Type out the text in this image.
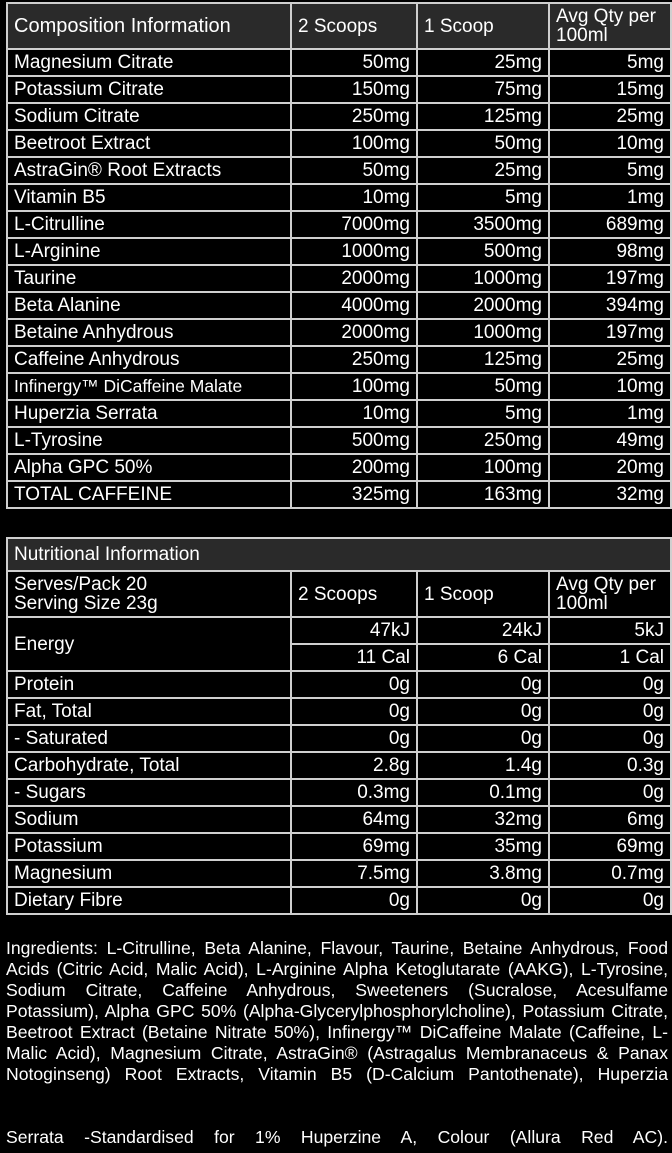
Composition Information	2 Scoops	1 Scoop	Avg Qty per 100ml
Magnesium Citrate	50mg	25mg	5mg
Potassium Citrate	150mg	75mg	15mg
Sodium Citrate	250mg	125mg	25mg
Beetroot Extract	100mg	50mg	10mg
AstraGin® Root Extracts	50mg	25mg	5mg
Vitamin B5	10mg	5mg	1mg
L-Citrulline	7000mg	3500mg	689mg
L-Arginine	1000mg	500mg	98mg
Taurine	2000mg	1000mg	197mg
Beta Alanine	4000mg	2000mg	394mg
Betaine Anhydrous	2000mg	1000mg	197mg
Caffeine Anhydrous	250mg	125mg	25mg
Infinergy™ DiCaffeine Malate	100mg	50mg	10mg
Huperzia Serrata	10mg	5mg	1mg
L-Tyrosine	500mg	250mg	49mg
Alpha GPC 50%	200mg	100mg	20mg
TOTAL CAFFEINE	325mg	163mg	32mg
Nutritional Information			

Serves/Pack 20
Serving Size 23g	2 Scoops	1 Scoop	Avg Qty per 100ml
Energy	47kJ	24kJ	5kJ
	11 Cal	6 Cal	1 Cal
Protein	0g	0g	0g
Fat, Total	0g	0g	0g
- Saturated	0g	0g	0g
Carbohydrate, Total	2.8g	1.4g	0.3g
- Sugars	0.3mg	0.1mg	0g
Sodium	64mg	32mg	6mg
Potassium	69mg	35mg	69mg
Magnesium	7.5mg	3.8mg	0.7mg
Dietary Fibre	0g	0g	0g
Ingredients: L-Citrulline, Beta Alanine, Flavour, Taurine, Betaine Anhydrous, Food Acids (Citric Acid, Malic Acid), L-Arginine Alpha Ketoglutarate (AAKG), L-Tyrosine, Sodium Citrate, Caffeine Anhydrous, Sweeteners (Sucralose, Acesulfame Potassium), Alpha GPC 50% (Alpha-Glycerylphosphorylcholine), Potassium Citrate, Beetroot Extract (Betaine Nitrate 50%), Infinergy™ DiCaffeine Malate (Caffeine, L-Malic Acid), Magnesium Citrate, AstraGin® (Astragalus Membranaceus & Panax Notoginseng) Root Extracts, Vitamin B5 (D-Calcium Pantothenate), Huperzia
Serrata -Standardised for 1% Huperzine A, Colour (Allura Red AC).
